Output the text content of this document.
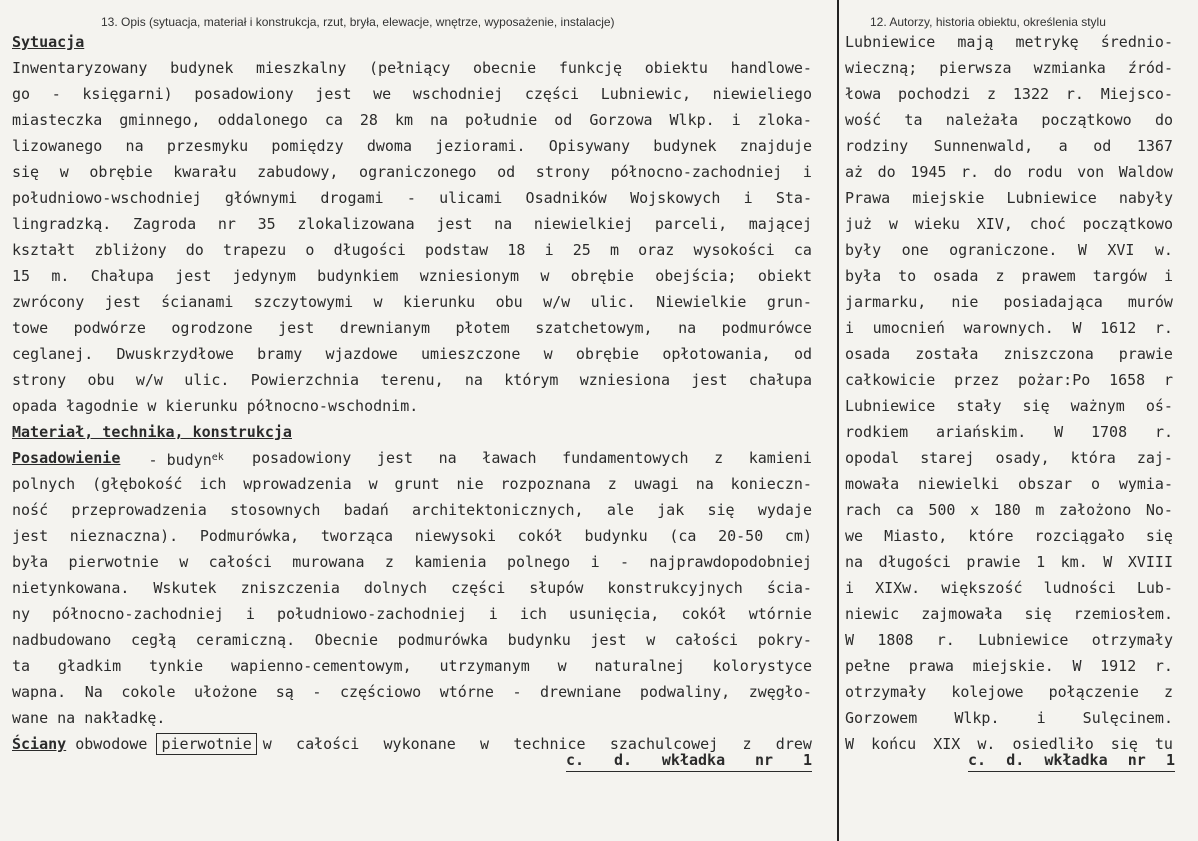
13. Opis (sytuacja, materiał i konstrukcja, rzut, bryła, elewacje, wnętrze, wyposażenie, instalacje)	12. Autorzy, historia obiektu, określenia stylu
Sytuacja
Inwentaryzowany budynek mieszkalny (pełniący obecnie funkcję obiektu handlowe-
go - księgarni) posadowiony jest we wschodniej części Lubniewic, niewieliego
miasteczka gminnego, oddalonego ca 28 km na południe od Gorzowa Wlkp. i zloka-
lizowanego na przesmyku pomiędzy dwoma jeziorami. Opisywany budynek znajduje
się w obrębie kwarału zabudowy, ograniczonego od strony północno-zachodniej i
południowo-wschodniej głównymi drogami - ulicami Osadników Wojskowych i Sta-
lingradzką. Zagroda nr 35 zlokalizowana jest na niewielkiej parceli, mającej
kształt zbliżony do trapezu o długości podstaw 18 i 25 m oraz wysokości ca
15 m. Chałupa jest jedynym budynkiem wzniesionym w obrębie obejścia; obiekt
zwrócony jest ścianami szczytowymi w kierunku obu w/w ulic. Niewielkie grun-
towe podwórze ogrodzone jest drewnianym płotem szatchetowym, na podmurówce
ceglanej. Dwuskrzydłowe bramy wjazdowe umieszczone w obrębie opłotowania, od
strony obu w/w ulic. Powierzchnia terenu, na którym wzniesiona jest chałupa
opada łagodnie w kierunku północno-wschodnim.
Materiał, technika, konstrukcja
Posadowienie - budyn$^{ek}$ posadowiony jest na ławach fundamentowych z kamieni
polnych (głębokość ich wprowadzenia w grunt nie rozpoznana z uwagi na konieczn-
ność przeprowadzenia stosownych badań architektonicznych, ale jak się wydaje
jest nieznaczna). Podmurówka, tworząca niewysoki cokół budynku (ca 20-50 cm)
była pierwotnie w całości murowana z kamienia polnego i - najprawdopodobniej
nietynkowana. Wskutek zniszczenia dolnych części słupów konstrukcyjnych ścia-
ny północno-zachodniej i południowo-zachodniej i ich usunięcia, cokół wtórnie
nadbudowano cegłą ceramiczną. Obecnie podmurówka budynku jest w całości pokry-
ta gładkim tynkie wapienno-cementowym, utrzymanym w naturalnej kolorystyce
wapna. Na cokole ułożone są - częściowo wtórne - drewniane podwaliny, zwęgło-
wane na nakładkę.
Ściany obwodowe pierwotnie w całości wykonane w technice szachulcowej z drew
c. d. wkładka nr 1
Lubniewice mają metrykę średnio-
wieczną; pierwsza wzmianka źród-
łowa pochodzi z 1322 r. Miejsco-
wość ta należała początkowo do
rodziny Sunnenwald, a od 1367
aż do 1945 r. do rodu von Waldow
Prawa miejskie Lubniewice nabyły
już w wieku XIV, choć początkowo
były one ograniczone. W XVI w.
była to osada z prawem targów i
jarmarku, nie posiadająca murów
i umocnień warownych. W 1612 r.
osada została zniszczona prawie
całkowicie przez pożar:Po 1658 r
Lubniewice stały się ważnym oś-
rodkiem ariańskim. W 1708 r.
opodal starej osady, która zaj-
mowała niewielki obszar o wymia-
rach ca 500 x 180 m założono No-
we Miasto, które rozciągało się
na długości prawie 1 km. W XVIII
i XIXw. większość ludności Lub-
niewic zajmowała się rzemiosłem.
W 1808 r. Lubniewice otrzymały
pełne prawa miejskie. W 1912 r.
otrzymały kolejowe połączenie z
Gorzowem Wlkp. i Sulęcinem.
W końcu XIX w. osiedliło się tu
c. d. wkładka nr 1
